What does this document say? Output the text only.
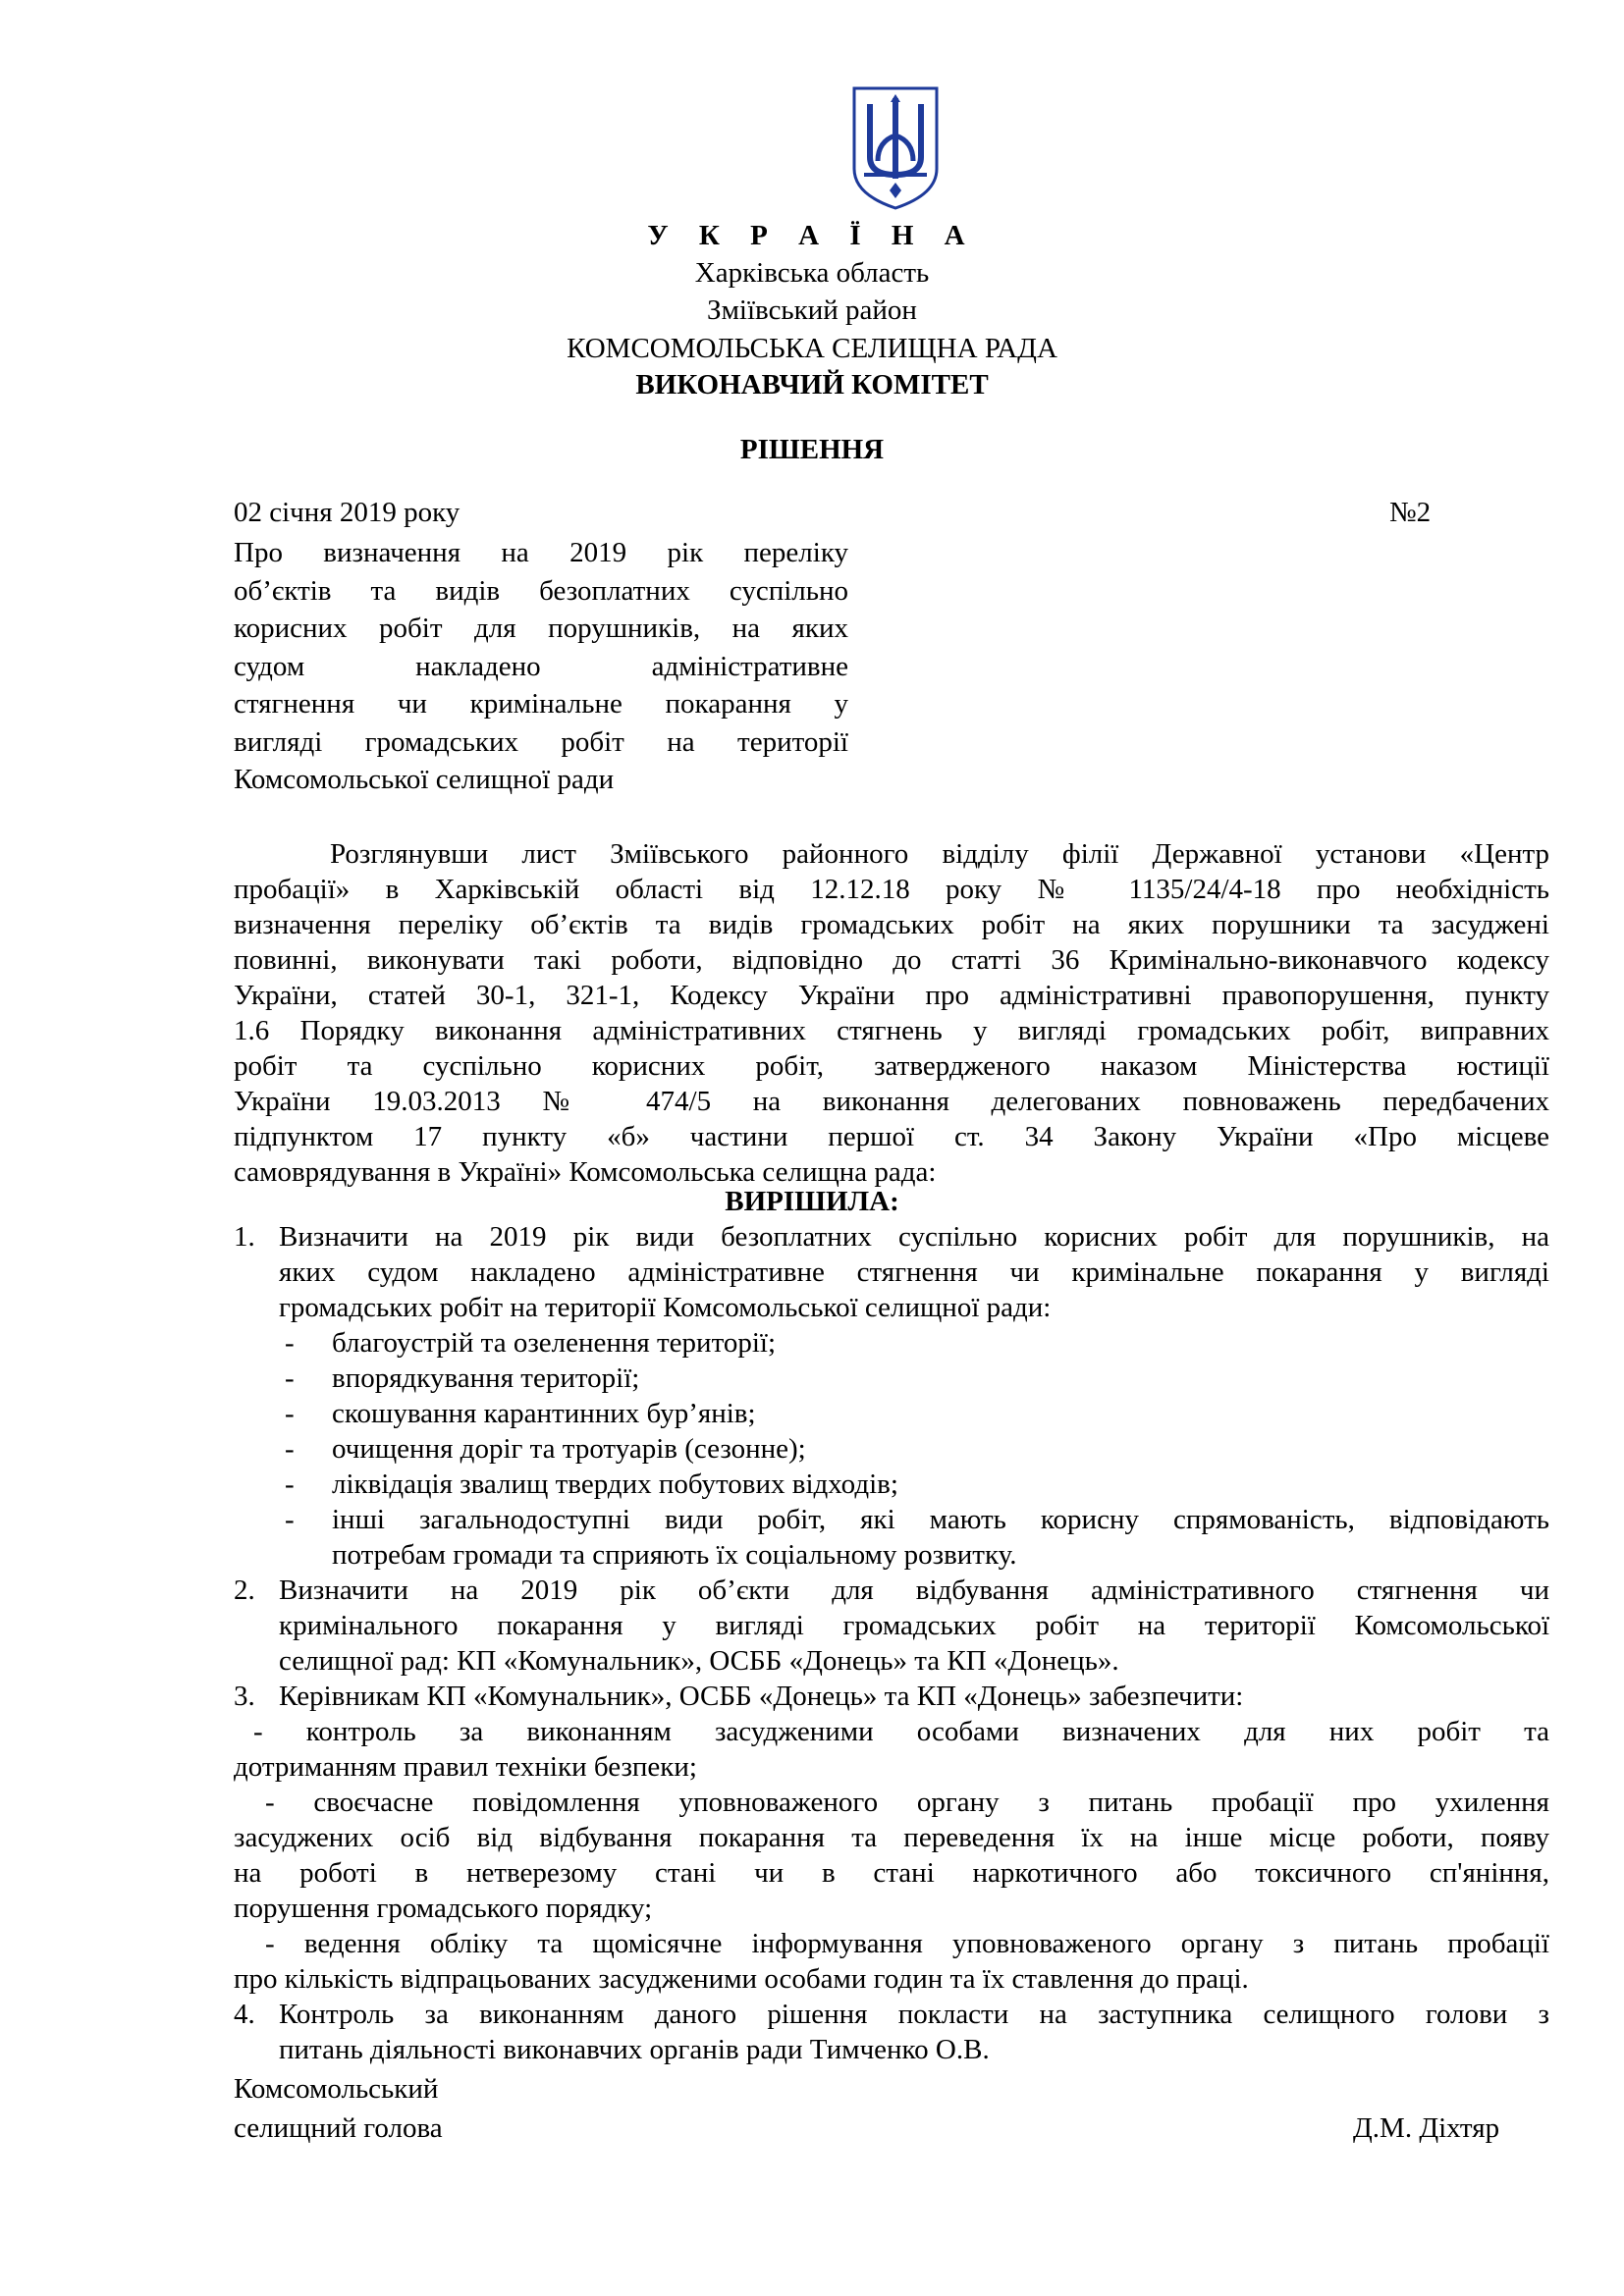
У К Р А Ї Н А
Харківська область
Зміївський район
КОМСОМОЛЬСЬКА СЕЛИЩНА РАДА
ВИКОНАВЧИЙ КОМІТЕТ
РІШЕННЯ
02 січня 2019 року	№2
Про визначення на 2019 рік переліку
об’єктів та видів безоплатних суспільно
корисних робіт для порушників, на яких
судом накладено адміністративне
стягнення чи кримінальне покарання у
вигляді громадських робіт на території
Комсомольської селищної ради
Розглянувши лист Зміївського районного відділу філії Державної установи «Центр
пробації» в Харківській області від 12.12.18 року № 1135/24/4-18 про необхідність
визначення переліку об’єктів та видів громадських робіт на яких порушники та засуджені
повинні, виконувати такі роботи, відповідно до статті 36 Кримінально-виконавчого кодексу
України, статей 30-1, 321-1, Кодексу України про адміністративні правопорушення, пункту
1.6 Порядку виконання адміністративних стягнень у вигляді громадських робіт, виправних
робіт та суспільно корисних робіт, затвердженого наказом Міністерства юстиції
України 19.03.2013 № 474/5 на виконання делегованих повноважень передбачених
підпунктом 17 пункту «б» частини першої ст. 34 Закону України «Про місцеве
самоврядування в Україні» Комсомольська селищна рада:
ВИРІШИЛА:
1. Визначити на 2019 рік види безоплатних суспільно корисних робіт для порушників, на
яких судом накладено адміністративне стягнення чи кримінальне покарання у вигляді
громадських робіт на території Комсомольської селищної ради:
- благоустрій та озеленення території;
- впорядкування території;
- скошування карантинних бур’янів;
- очищення доріг та тротуарів (сезонне);
- ліквідація звалищ твердих побутових відходів;
- інші загальнодоступні види робіт, які мають корисну спрямованість, відповідають
потребам громади та сприяють їх соціальному розвитку.
2. Визначити на 2019 рік об’єкти для відбування адміністративного стягнення чи
кримінального покарання у вигляді громадських робіт на території Комсомольської
селищної рад: КП «Комунальник», ОСББ «Донець» та КП «Донець».
3. Керівникам КП «Комунальник», ОСББ «Донець» та КП «Донець» забезпечити:
- контроль за виконанням засудженими особами визначених для них робіт та
дотриманням правил техніки безпеки;
- своєчасне повідомлення уповноваженого органу з питань пробації про ухилення
засуджених осіб від відбування покарання та переведення їх на інше місце роботи, появу
на роботі в нетверезому стані чи в стані наркотичного або токсичного сп'яніння,
порушення громадського порядку;
- ведення обліку та щомісячне інформування уповноваженого органу з питань пробації
про кількість відпрацьованих засудженими особами годин та їх ставлення до праці.
4. Контроль за виконанням даного рішення покласти на заступника селищного голови з
питань діяльності виконавчих органів ради Тимченко О.В.
Комсомольський
селищний голова	Д.М. Діхтяр
